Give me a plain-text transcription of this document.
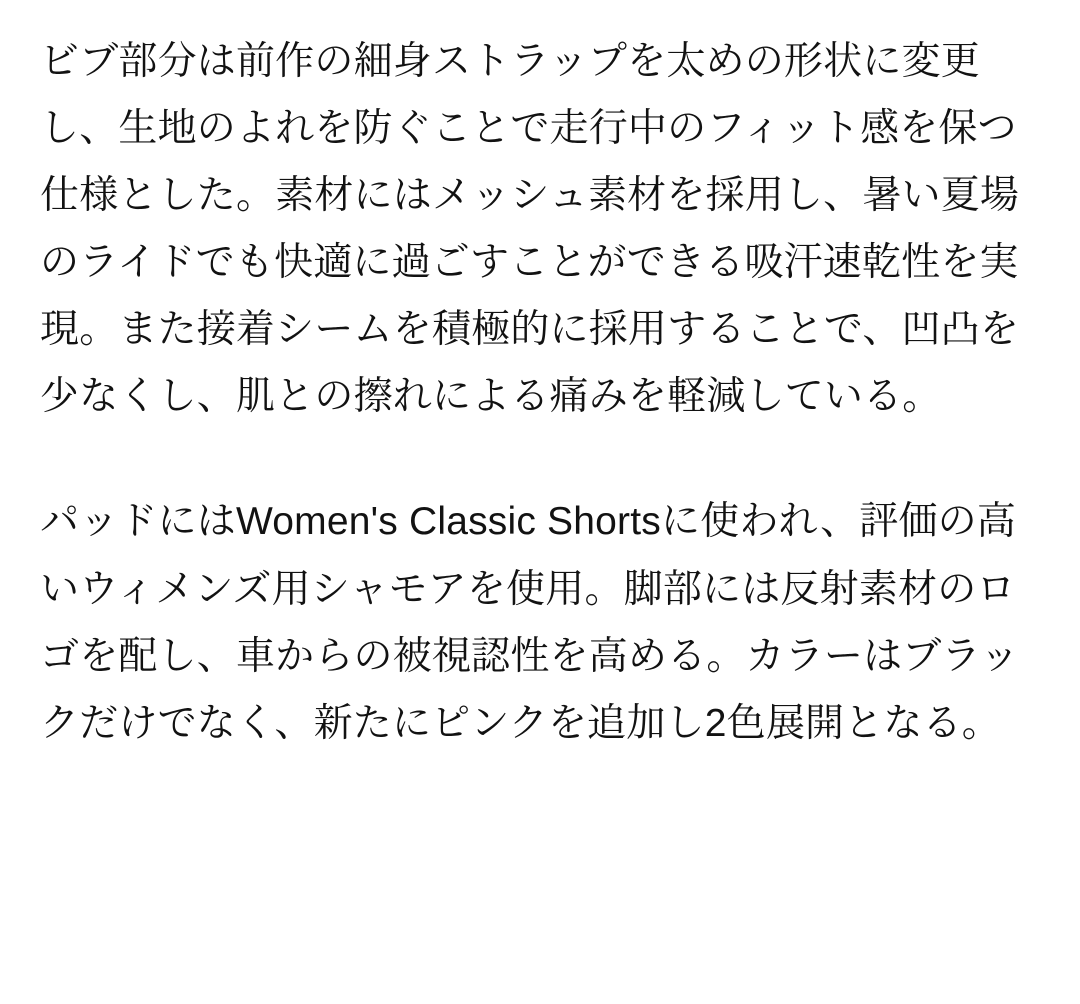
ビブ部分は前作の細身ストラップを太めの形状に変更し、生地のよれを防ぐことで走行中のフィット感を保つ仕様とした。素材にはメッシュ素材を採用し、暑い夏場のライドでも快適に過ごすことができる吸汗速乾性を実現。また接着シームを積極的に採用することで、凹凸を少なくし、肌との擦れによる痛みを軽減している。

パッドにはWomen's Classic Shortsに使われ、評価の高いウィメンズ用シャモアを使用。脚部には反射素材のロゴを配し、車からの被視認性を高める。カラーはブラックだけでなく、新たにピンクを追加し2色展開となる。
